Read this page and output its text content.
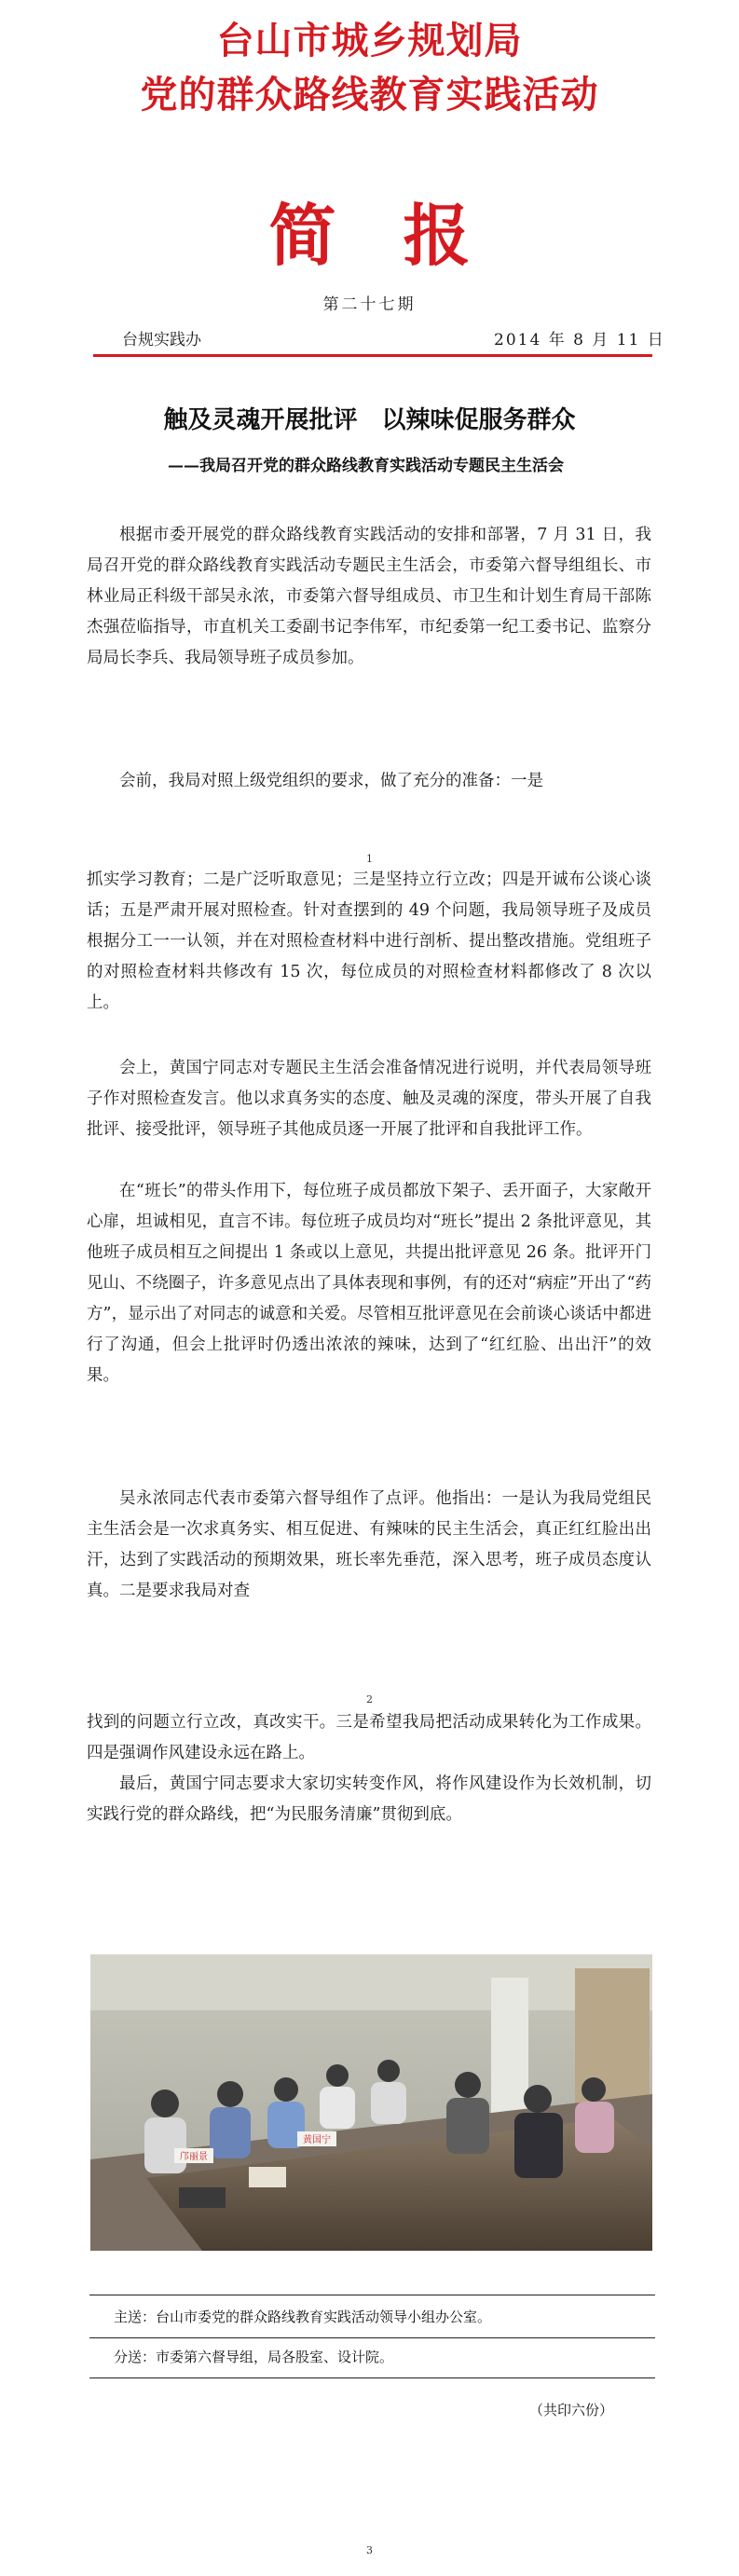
台山市城乡规划局
党的群众路线教育实践活动
简报
第二十七期
台规实践办	2014 年 8 月 11 日
触及灵魂开展批评　以辣味促服务群众
——我局召开党的群众路线教育实践活动专题民主生活会

根据市委开展党的群众路线教育实践活动的安排和部署，7 月 31 日，我局召开党的群众路线教育实践活动专题民主生活会，市委第六督导组组长、市林业局正科级干部吴永浓，市委第六督导组成员、市卫生和计划生育局干部陈杰强莅临指导，市直机关工委副书记李伟军，市纪委第一纪工委书记、监察分局局长李兵、我局领导班子成员参加。

会前，我局对照上级党组织的要求，做了充分的准备：一是

1

抓实学习教育；二是广泛听取意见；三是坚持立行立改；四是开诚布公谈心谈话；五是严肃开展对照检查。针对查摆到的 49 个问题，我局领导班子及成员根据分工一一认领，并在对照检查材料中进行剖析、提出整改措施。党组班子的对照检查材料共修改有 15 次，每位成员的对照检查材料都修改了 8 次以上。

会上，黄国宁同志对专题民主生活会准备情况进行说明，并代表局领导班子作对照检查发言。他以求真务实的态度、触及灵魂的深度，带头开展了自我批评、接受批评，领导班子其他成员逐一开展了批评和自我批评工作。

在“班长”的带头作用下，每位班子成员都放下架子、丢开面子，大家敞开心扉，坦诚相见，直言不讳。每位班子成员均对“班长”提出 2 条批评意见，其他班子成员相互之间提出 1 条或以上意见，共提出批评意见 26 条。批评开门见山、不绕圈子，许多意见点出了具体表现和事例，有的还对“病症”开出了“药方”，显示出了对同志的诚意和关爱。尽管相互批评意见在会前谈心谈话中都进行了沟通，但会上批评时仍透出浓浓的辣味，达到了“红红脸、出出汗”的效果。

吴永浓同志代表市委第六督导组作了点评。他指出：一是认为我局党组民主生活会是一次求真务实、相互促进、有辣味的民主生活会，真正红红脸出出汗，达到了实践活动的预期效果，班长率先垂范，深入思考，班子成员态度认真。二是要求我局对查

2

找到的问题立行立改，真改实干。三是希望我局把活动成果转化为工作成果。四是强调作风建设永远在路上。

最后，黄国宁同志要求大家切实转变作风，将作风建设作为长效机制，切实践行党的群众路线，把“为民服务清廉”贯彻到底。

邝丽景
黄国宁
主送：台山市委党的群众路线教育实践活动领导小组办公室。
分送：市委第六督导组，局各股室、设计院。
（共印六份）
3
